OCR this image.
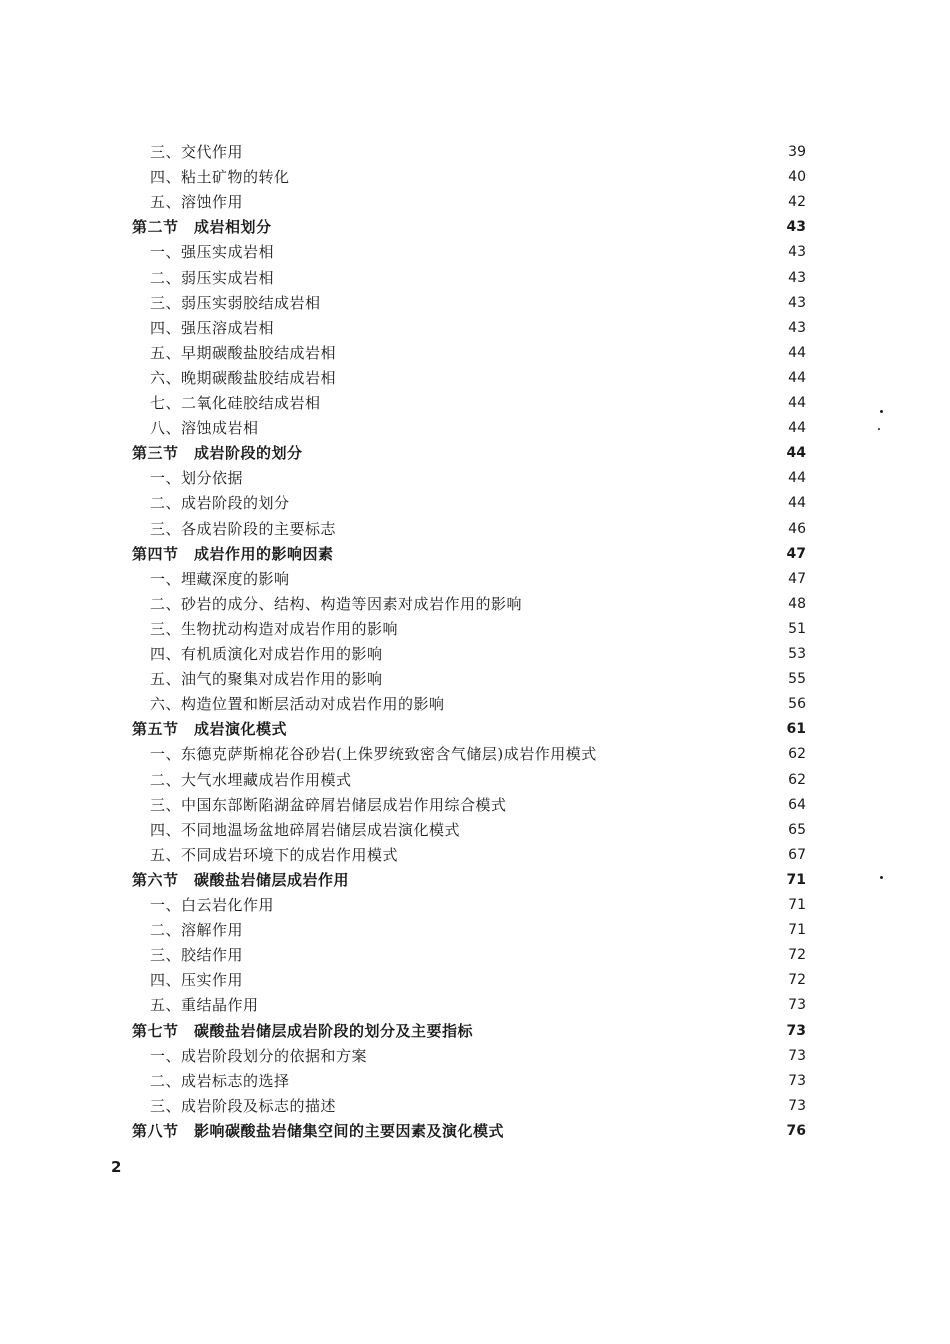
三、交代作用	39
四、粘土矿物的转化	40
五、溶蚀作用	42
第二节　成岩相划分	43
一、强压实成岩相	43
二、弱压实成岩相	43
三、弱压实弱胶结成岩相	43
四、强压溶成岩相	43
五、早期碳酸盐胶结成岩相	44
六、晚期碳酸盐胶结成岩相	44
七、二氧化硅胶结成岩相	44
八、溶蚀成岩相	44
第三节　成岩阶段的划分	44
一、划分依据	44
二、成岩阶段的划分	44
三、各成岩阶段的主要标志	46
第四节　成岩作用的影响因素	47
一、埋藏深度的影响	47
二、砂岩的成分、结构、构造等因素对成岩作用的影响	48
三、生物扰动构造对成岩作用的影响	51
四、有机质演化对成岩作用的影响	53
五、油气的聚集对成岩作用的影响	55
六、构造位置和断层活动对成岩作用的影响	56
第五节　成岩演化模式	61
一、东德克萨斯棉花谷砂岩(上侏罗统致密含气储层)成岩作用模式	62
二、大气水埋藏成岩作用模式	62
三、中国东部断陷湖盆碎屑岩储层成岩作用综合模式	64
四、不同地温场盆地碎屑岩储层成岩演化模式	65
五、不同成岩环境下的成岩作用模式	67
第六节　碳酸盐岩储层成岩作用	71
一、白云岩化作用	71
二、溶解作用	71
三、胶结作用	72
四、压实作用	72
五、重结晶作用	73
第七节　碳酸盐岩储层成岩阶段的划分及主要指标	73
一、成岩阶段划分的依据和方案	73
二、成岩标志的选择	73
三、成岩阶段及标志的描述	73
第八节　影响碳酸盐岩储集空间的主要因素及演化模式	76
2
